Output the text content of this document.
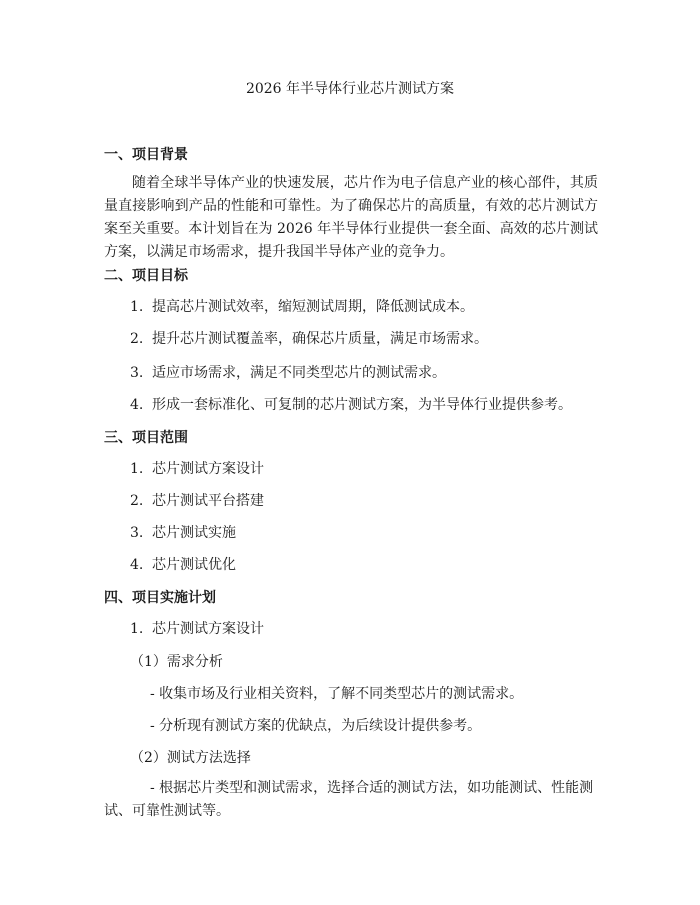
2026 年半导体行业芯片测试方案
一、项目背景
随着全球半导体产业的快速发展，芯片作为电子信息产业的核心部件，其质量直接影响到产品的性能和可靠性。为了确保芯片的高质量，有效的芯片测试方案至关重要。本计划旨在为 2026 年半导体行业提供一套全面、高效的芯片测试方案，以满足市场需求，提升我国半导体产业的竞争力。
二、项目目标
1. 提高芯片测试效率，缩短测试周期，降低测试成本。
2. 提升芯片测试覆盖率，确保芯片质量，满足市场需求。
3. 适应市场需求，满足不同类型芯片的测试需求。
4. 形成一套标准化、可复制的芯片测试方案，为半导体行业提供参考。
三、项目范围
1. 芯片测试方案设计
2. 芯片测试平台搭建
3. 芯片测试实施
4. 芯片测试优化
四、项目实施计划
1. 芯片测试方案设计
（1）需求分析
- 收集市场及行业相关资料，了解不同类型芯片的测试需求。
- 分析现有测试方案的优缺点，为后续设计提供参考。
（2）测试方法选择
- 根据芯片类型和测试需求，选择合适的测试方法，如功能测试、性能测试、可靠性测试等。
